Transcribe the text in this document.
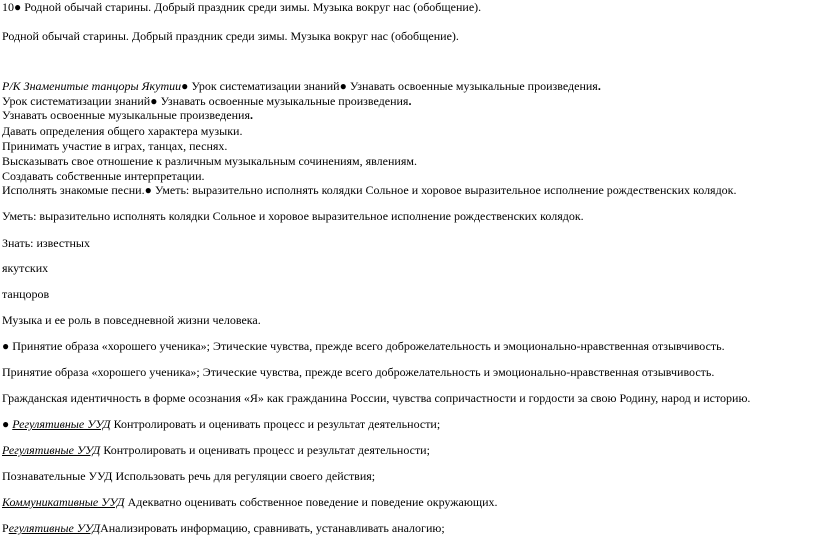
10● Родной обычай старины. Добрый праздник среди зимы. Музыка вокруг нас (обобщение).
Родной обычай старины. Добрый праздник среди зимы. Музыка вокруг нас (обобщение).
Р/К Знаменитые танцоры Якутии● Урок систематизации знаний● Узнавать освоенные музыкальные произведения.
Урок систематизации знаний● Узнавать освоенные музыкальные произведения.
Узнавать освоенные музыкальные произведения.
Давать определения общего характера музыки.
Принимать участие в играх, танцах, песнях.
Высказывать свое отношение к различным музыкальным сочинениям, явлениям.
Создавать собственные интерпретации.
Исполнять знакомые песни.● Уметь: выразительно исполнять колядки Сольное и хоровое выразительное исполнение рождественских колядок.
Уметь: выразительно исполнять колядки Сольное и хоровое выразительное исполнение рождественских колядок.
Знать: известных
якутских
танцоров
Музыка и ее роль в повседневной жизни человека.
● Принятие образа «хорошего ученика»; Этические чувства, прежде всего доброжелательность и эмоционально-нравственная отзывчивость.
Принятие образа «хорошего ученика»; Этические чувства, прежде всего доброжелательность и эмоционально-нравственная отзывчивость.
Гражданская идентичность в форме осознания «Я» как гражданина России, чувства сопричастности и гордости за свою Родину, народ и историю.
● Регулятивные УУД Контролировать и оценивать процесс и результат деятельности;
Регулятивные УУД Контролировать и оценивать процесс и результат деятельности;
Познавательные УУД Использовать речь для регуляции своего действия;
Коммуникативные УУД Адекватно оценивать собственное поведение и поведение окружающих.
Регулятивные УУДАнализировать информацию, сравнивать, устанавливать аналогию;
